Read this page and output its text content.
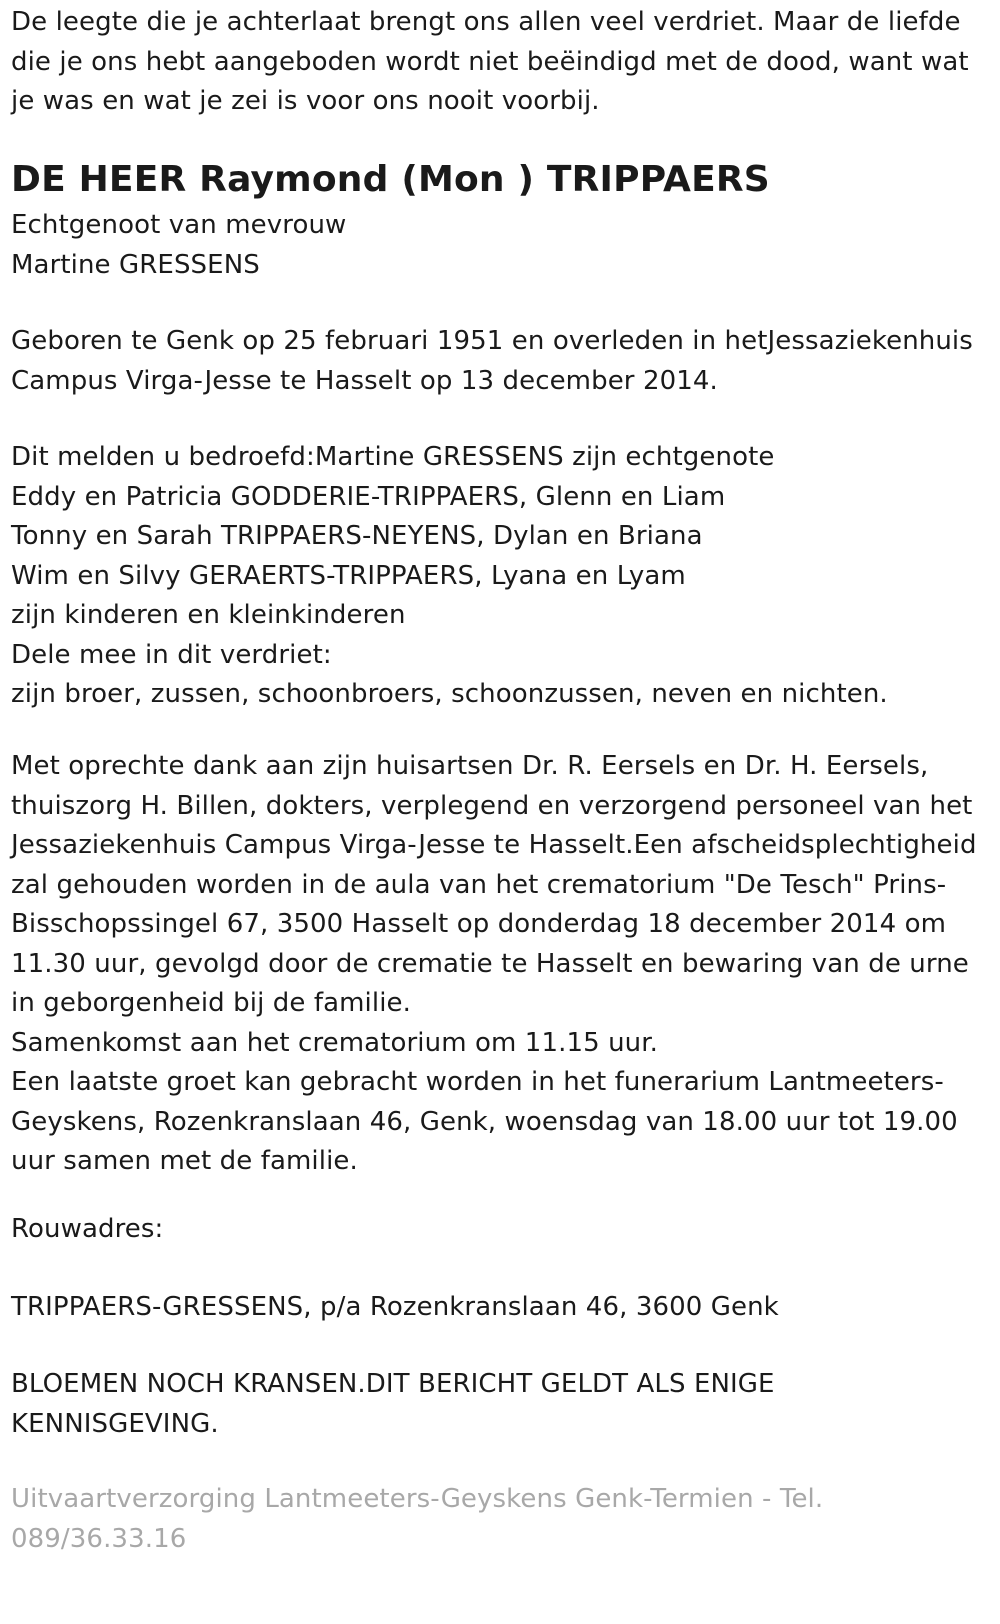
De leegte die je achterlaat brengt ons allen veel verdriet. Maar de liefde
die je ons hebt aangeboden wordt niet beëindigd met de dood, want wat
je was en wat je zei is voor ons nooit voorbij.
DE HEER Raymond (Mon ) TRIPPAERS
Echtgenoot van mevrouw
Martine GRESSENS
Geboren te Genk op 25 februari 1951 en overleden in hetJessaziekenhuis
Campus Virga-Jesse te Hasselt op 13 december 2014.
Dit melden u bedroefd:Martine GRESSENS zijn echtgenote
Eddy en Patricia GODDERIE-TRIPPAERS, Glenn en Liam
Tonny en Sarah TRIPPAERS-NEYENS, Dylan en Briana
Wim en Silvy GERAERTS-TRIPPAERS, Lyana en Lyam
zijn kinderen en kleinkinderen
Dele mee in dit verdriet:
zijn broer, zussen, schoonbroers, schoonzussen, neven en nichten.
Met oprechte dank aan zijn huisartsen Dr. R. Eersels en Dr. H. Eersels,
thuiszorg H. Billen, dokters, verplegend en verzorgend personeel van het
Jessaziekenhuis Campus Virga-Jesse te Hasselt.Een afscheidsplechtigheid
zal gehouden worden in de aula van het crematorium "De Tesch" Prins-
Bisschopssingel 67, 3500 Hasselt op donderdag 18 december 2014 om
11.30 uur, gevolgd door de crematie te Hasselt en bewaring van de urne
in geborgenheid bij de familie.
Samenkomst aan het crematorium om 11.15 uur.
Een laatste groet kan gebracht worden in het funerarium Lantmeeters-
Geyskens, Rozenkranslaan 46, Genk, woensdag van 18.00 uur tot 19.00
uur samen met de familie.
Rouwadres:
TRIPPAERS-GRESSENS, p/a Rozenkranslaan 46, 3600 Genk
BLOEMEN NOCH KRANSEN.DIT BERICHT GELDT ALS ENIGE
KENNISGEVING.
Uitvaartverzorging Lantmeeters-Geyskens Genk-Termien - Tel.
089/36.33.16
